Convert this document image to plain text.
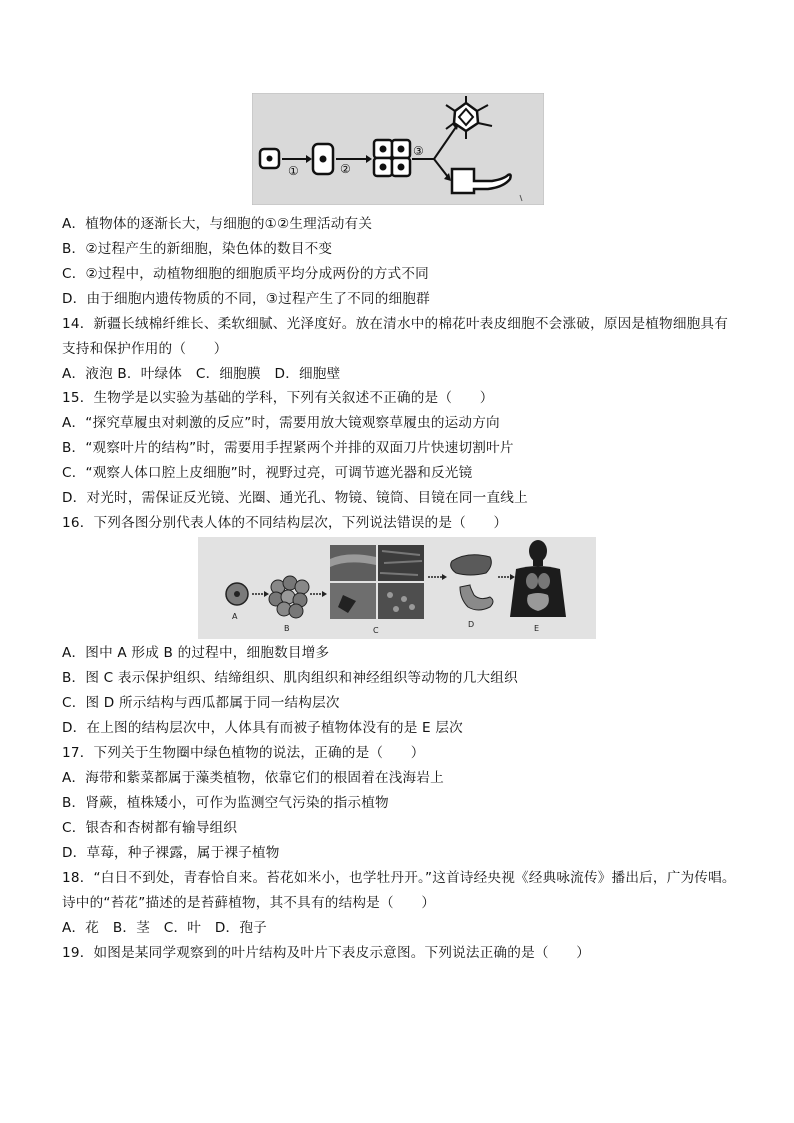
①	②
③
A
B	C
D	E
A．植物体的逐渐长大，与细胞的①②生理活动有关
B．②过程产生的新细胞，染色体的数目不变
C．②过程中，动植物细胞的细胞质平均分成两份的方式不同
D．由于细胞内遗传物质的不同，③过程产生了不同的细胞群
14．新疆长绒棉纤维长、柔软细腻、光泽度好。放在清水中的棉花叶表皮细胞不会涨破，原因是植物细胞具有
支持和保护作用的（　　）
A．液泡 B．叶绿体　C．细胞膜　D．细胞壁
15．生物学是以实验为基础的学科，下列有关叙述不正确的是（　　）
A．“探究草履虫对刺激的反应”时，需要用放大镜观察草履虫的运动方向
B．“观察叶片的结构”时，需要用手捏紧两个并排的双面刀片快速切割叶片
C．“观察人体口腔上皮细胞”时，视野过亮，可调节遮光器和反光镜
D．对光时，需保证反光镜、光圈、通光孔、物镜、镜筒、目镜在同一直线上
16．下列各图分别代表人体的不同结构层次，下列说法错误的是（　　）
A．图中 A 形成 B 的过程中，细胞数目增多
B．图 C 表示保护组织、结缔组织、肌肉组织和神经组织等动物的几大组织
C．图 D 所示结构与西瓜都属于同一结构层次
D．在上图的结构层次中，人体具有而被子植物体没有的是 E 层次
17．下列关于生物圈中绿色植物的说法，正确的是（　　）
A．海带和紫菜都属于藻类植物，依靠它们的根固着在浅海岩上
B．肾蕨，植株矮小，可作为监测空气污染的指示植物
C．银杏和杏树都有输导组织
D．草莓，种子裸露，属于裸子植物
18．“白日不到处，青春恰自来。苔花如米小，也学牡丹开。”这首诗经央视《经典咏流传》播出后，广为传唱。
诗中的“苔花”描述的是苔藓植物，其不具有的结构是（　　）
A．花　B．茎　C．叶　D．孢子
19．如图是某同学观察到的叶片结构及叶片下表皮示意图。下列说法正确的是（　　）
